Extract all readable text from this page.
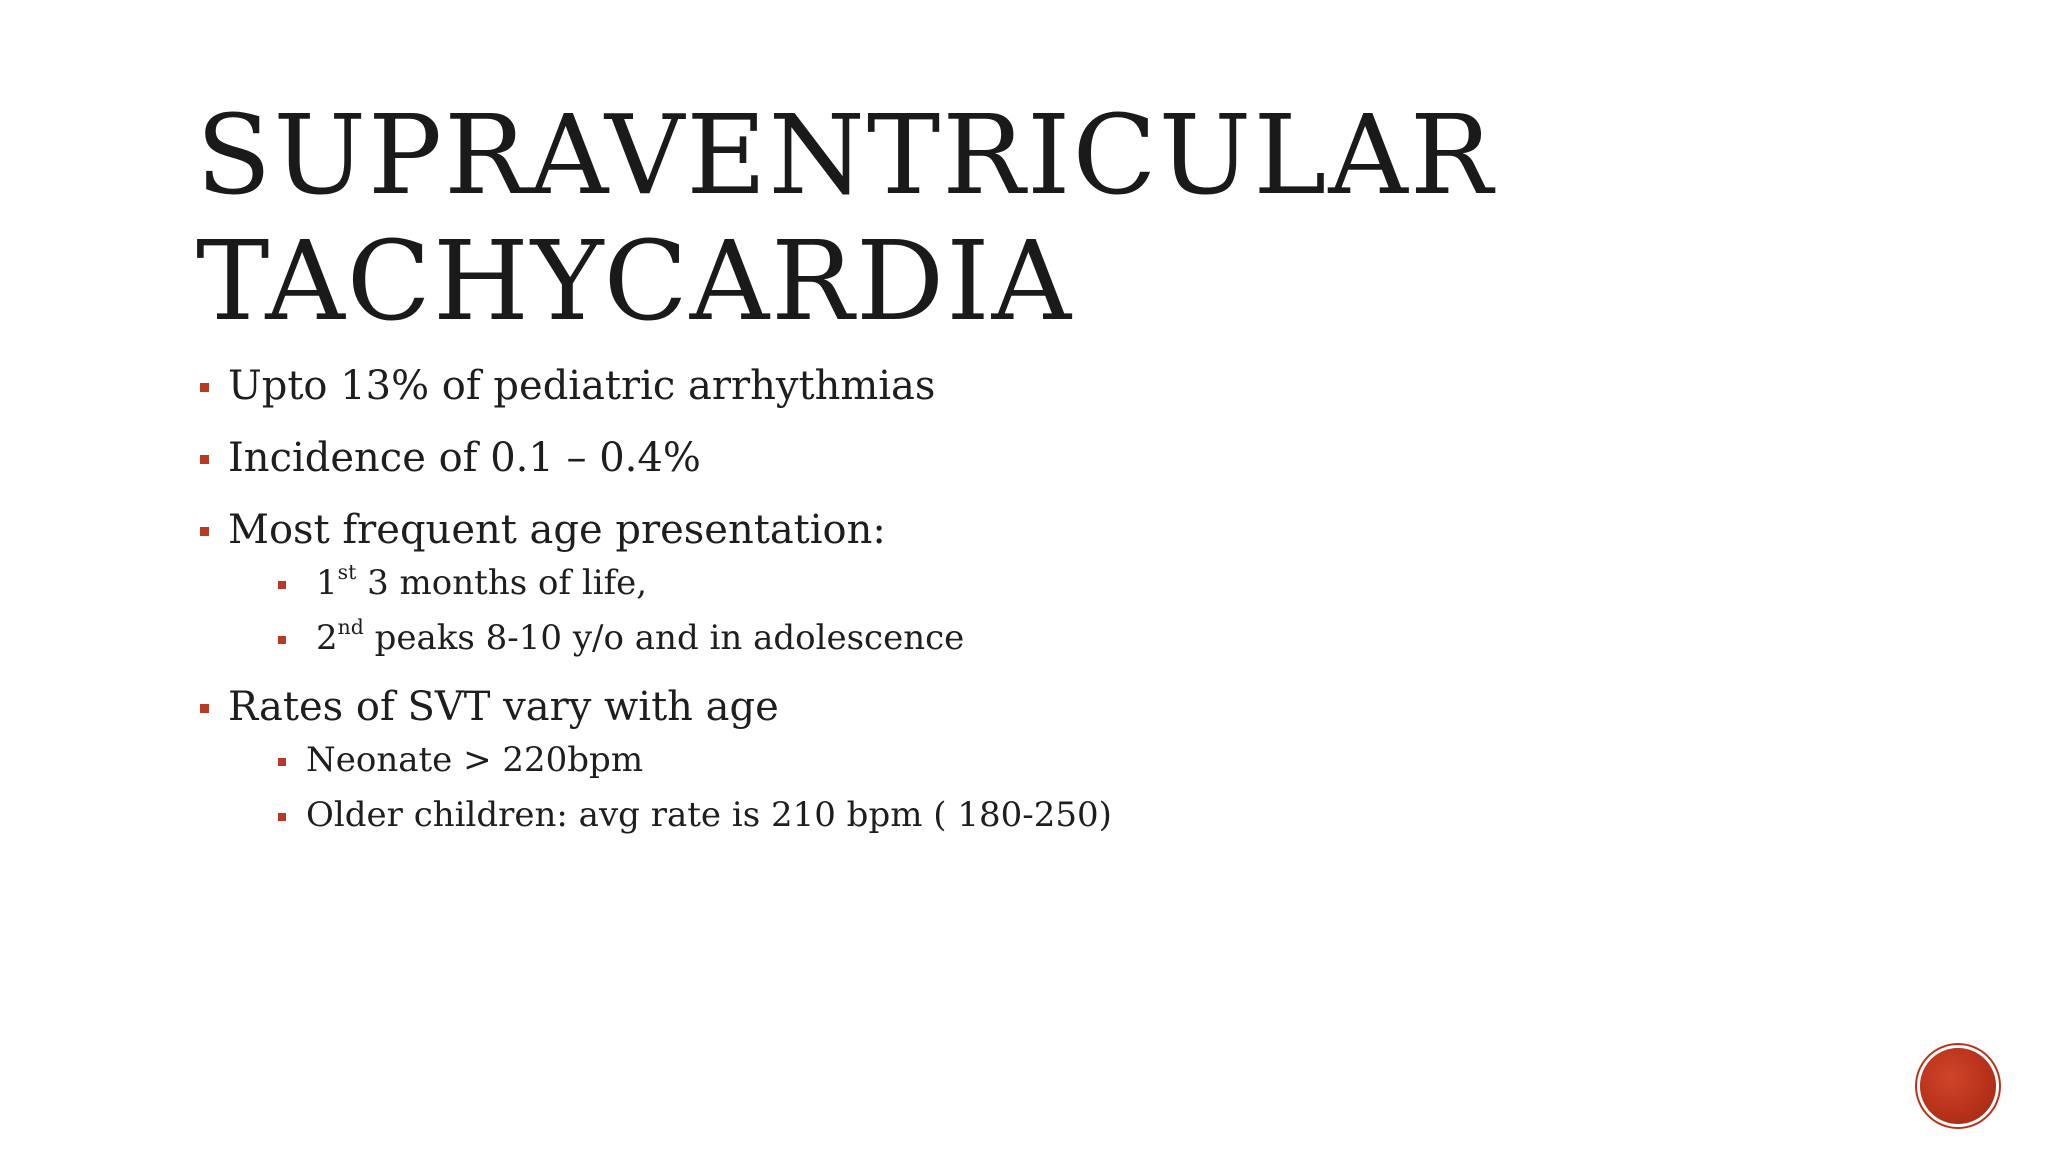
SUPRAVENTRICULAR
TACHYCARDIA
Upto 13% of pediatric arrhythmias
Incidence of 0.1 – 0.4%
Most frequent age presentation:
1st 3 months of life,
2nd peaks 8-10 y/o and in adolescence
Rates of SVT vary with age
Neonate > 220bpm
Older children: avg rate is 210 bpm ( 180-250)
